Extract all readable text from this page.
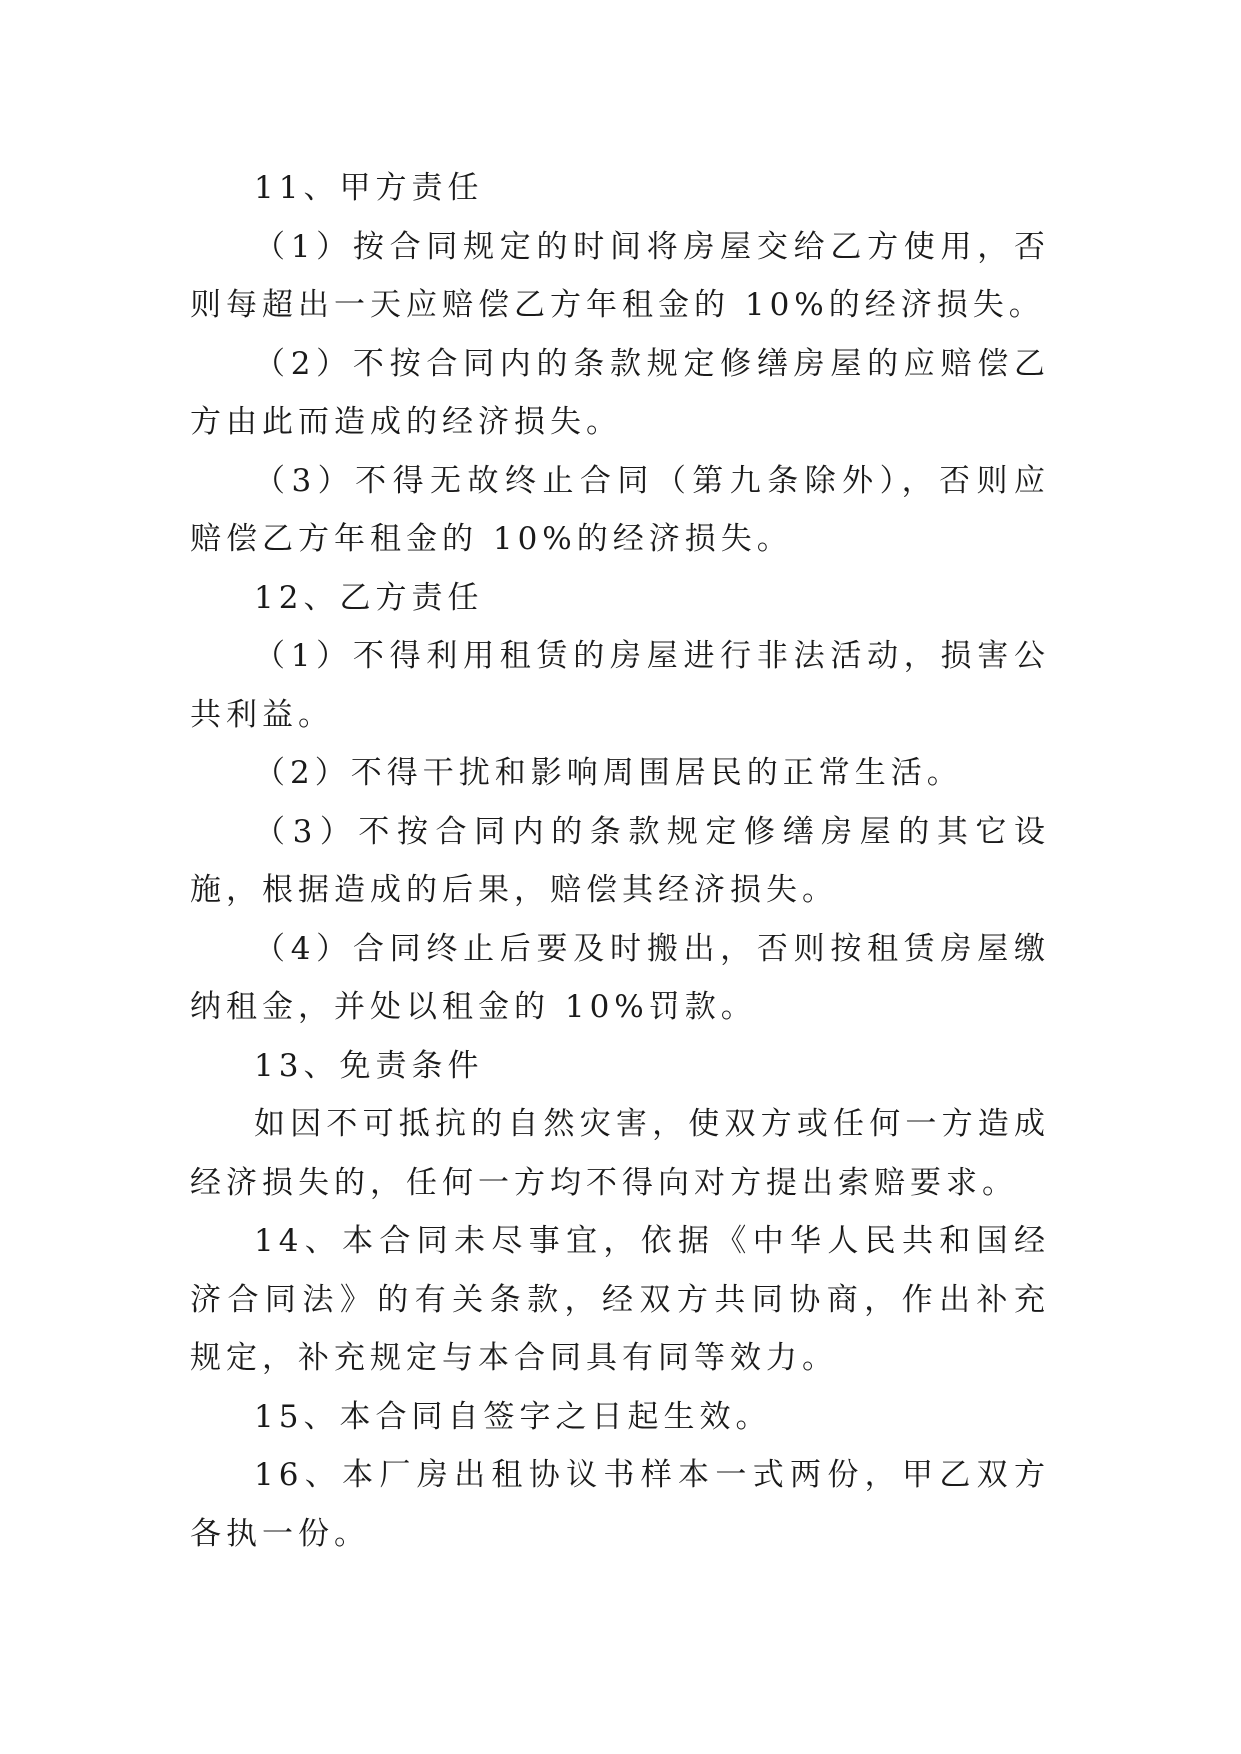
11、甲方责任

（1）按合同规定的时间将房屋交给乙方使用，否则每超出一天应赔偿乙方年租金的 10%的经济损失。

（2）不按合同内的条款规定修缮房屋的应赔偿乙方由此而造成的经济损失。

（3）不得无故终止合同（第九条除外），否则应赔偿乙方年租金的 10%的经济损失。

12、乙方责任

（1）不得利用租赁的房屋进行非法活动，损害公共利益。

（2）不得干扰和影响周围居民的正常生活。

（3）不按合同内的条款规定修缮房屋的其它设施，根据造成的后果，赔偿其经济损失。

（4）合同终止后要及时搬出，否则按租赁房屋缴纳租金，并处以租金的 10%罚款。

13、免责条件

如因不可抵抗的自然灾害，使双方或任何一方造成经济损失的，任何一方均不得向对方提出索赔要求。

14、本合同未尽事宜，依据《中华人民共和国经济合同法》的有关条款，经双方共同协商，作出补充规定，补充规定与本合同具有同等效力。

15、本合同自签字之日起生效。

16、本厂房出租协议书样本一式两份，甲乙双方各执一份。
